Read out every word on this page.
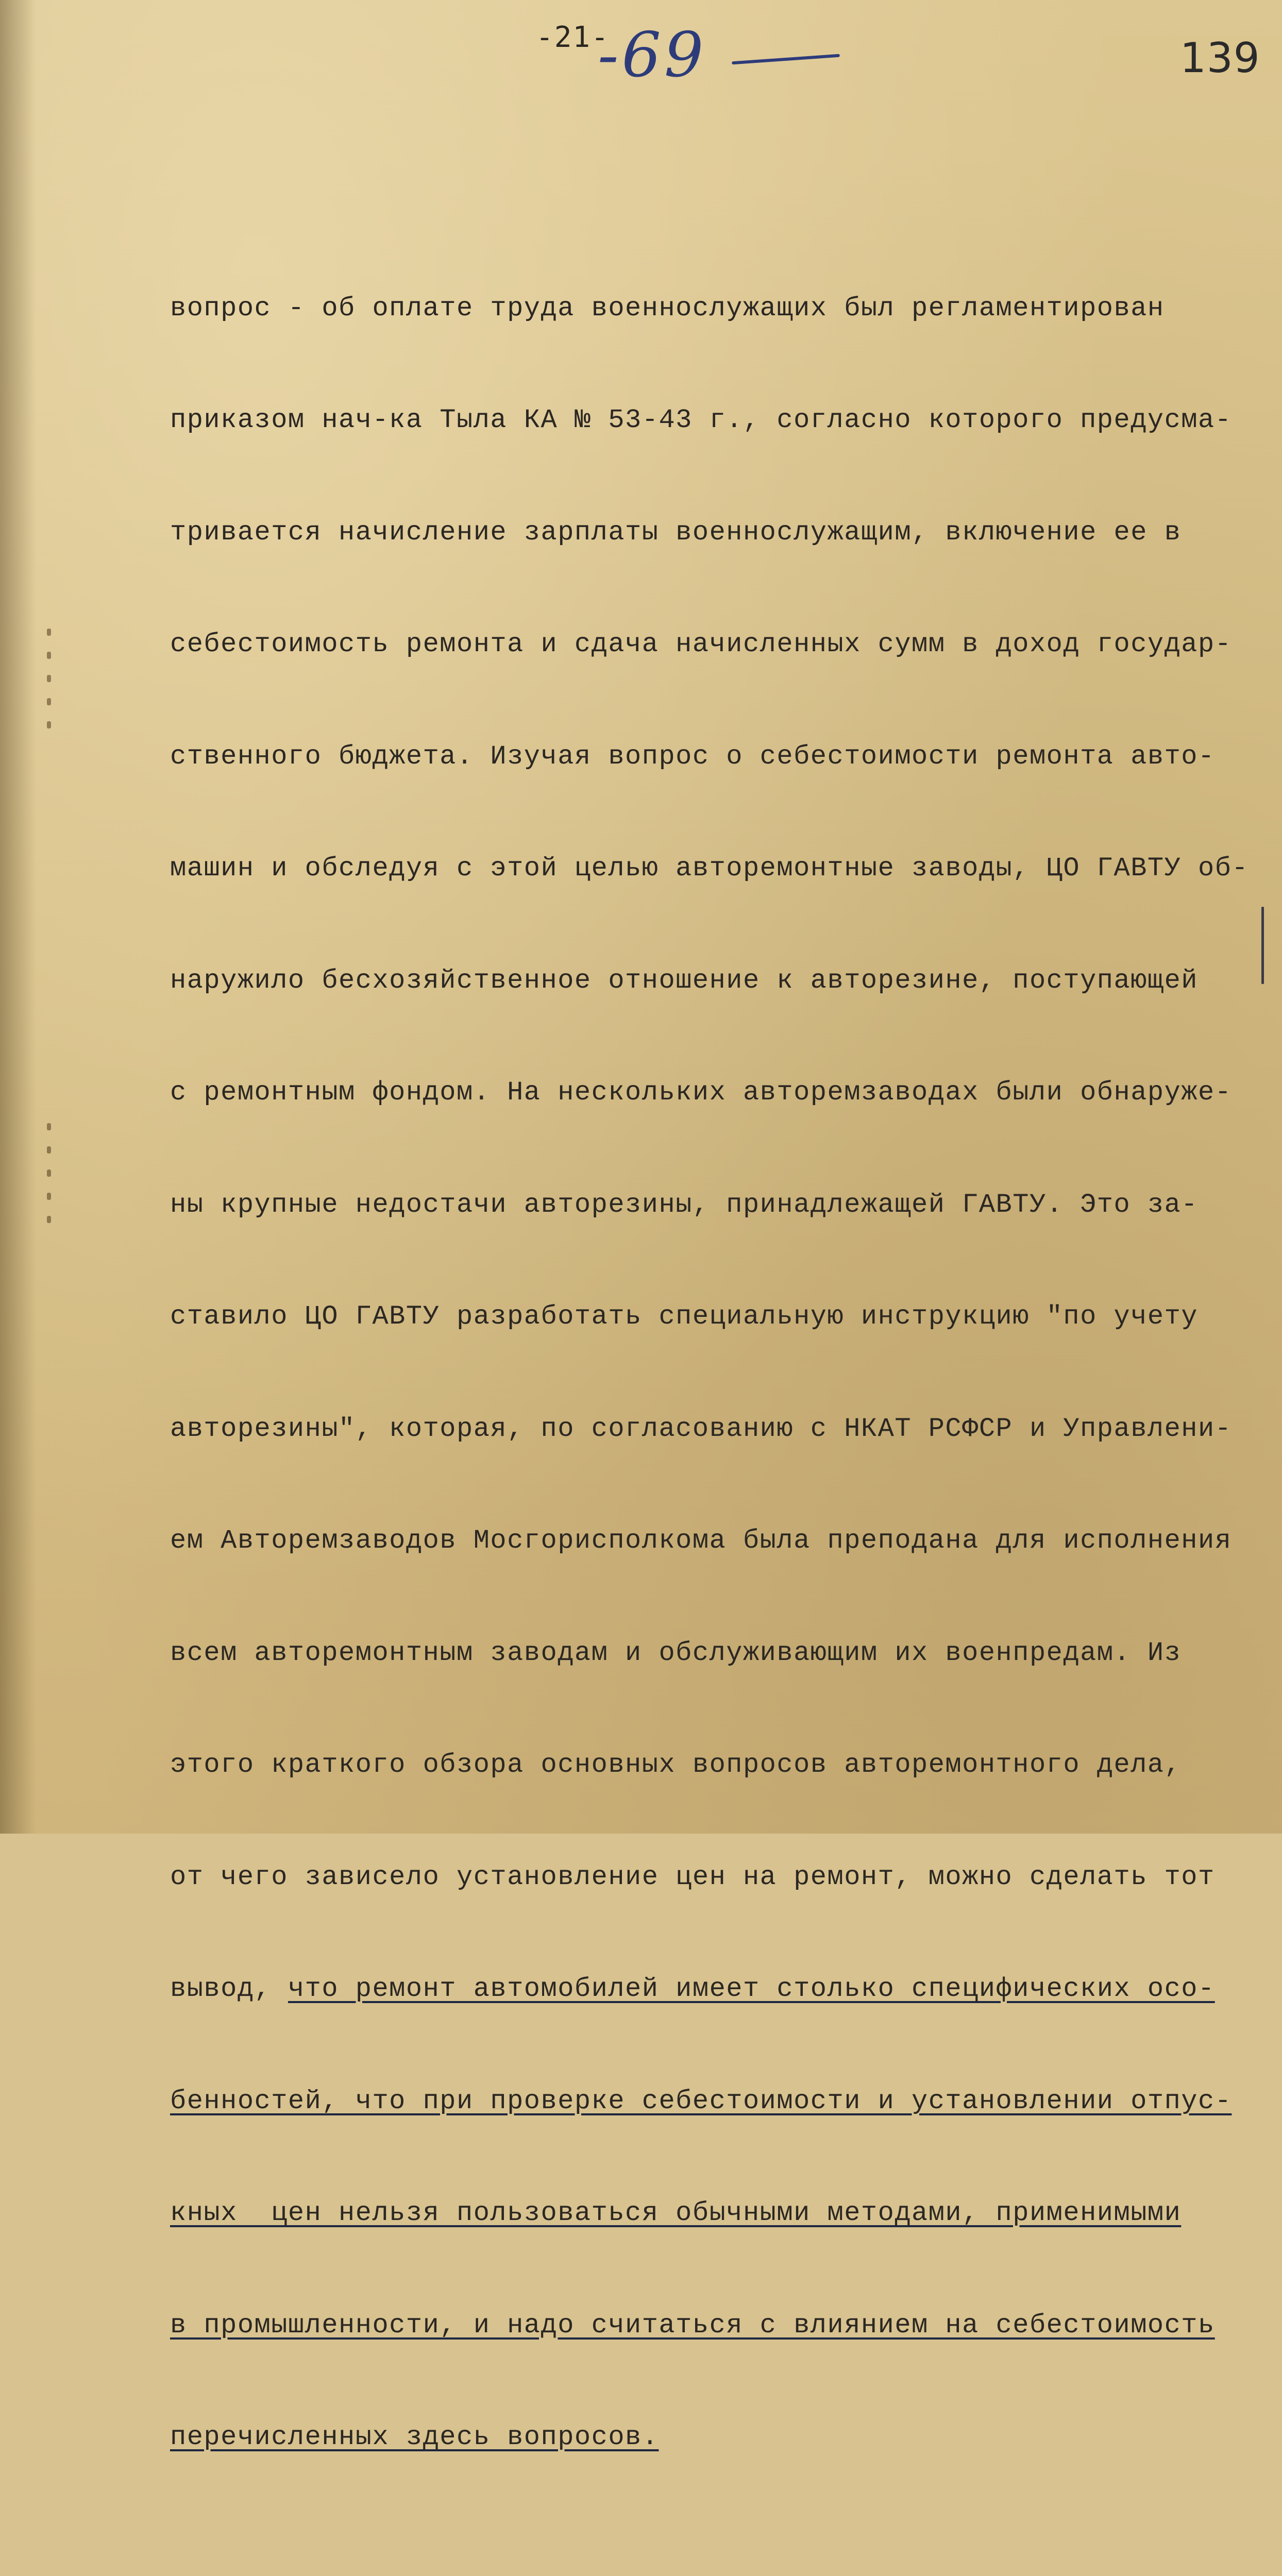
-21-
-69	139

вопрос - об оплате труда военнослужащих был регламентирован

приказом нач-ка Тыла КА № 53-43 г., согласно которого предусма-

тривается начисление зарплаты военнослужащим, включение ее в

себестоимость ремонта и сдача начисленных сумм в доход государ-

ственного бюджета. Изучая вопрос о себестоимости ремонта авто-

машин и обследуя с этой целью авторемонтные заводы, ЦО ГАВТУ об-

наружило бесхозяйственное отношение к авторезине, поступающей

с ремонтным фондом. На нескольких авторемзаводах были обнаруже-

ны крупные недостачи авторезины, принадлежащей ГАВТУ. Это за-

ставило ЦО ГАВТУ разработать специальную инструкцию "по учету

авторезины", которая, по согласованию с НКАТ РСФСР и Управлени-

ем Авторемзаводов Мосгорисполкома была преподана для исполнения

всем авторемонтным заводам и обслуживающим их военпредам. Из

этого краткого обзора основных вопросов авторемонтного дела,

от чего зависело установление цен на ремонт, можно сделать тот

вывод, что ремонт автомобилей имеет столько специфических осо-

бенностей, что при проверке себестоимости и установлении отпус-

кных  цен нельзя пользоваться обычными методами, применимыми

в промышленности, и надо считаться с влиянием на себестоимость

перечисленных здесь вопросов.
